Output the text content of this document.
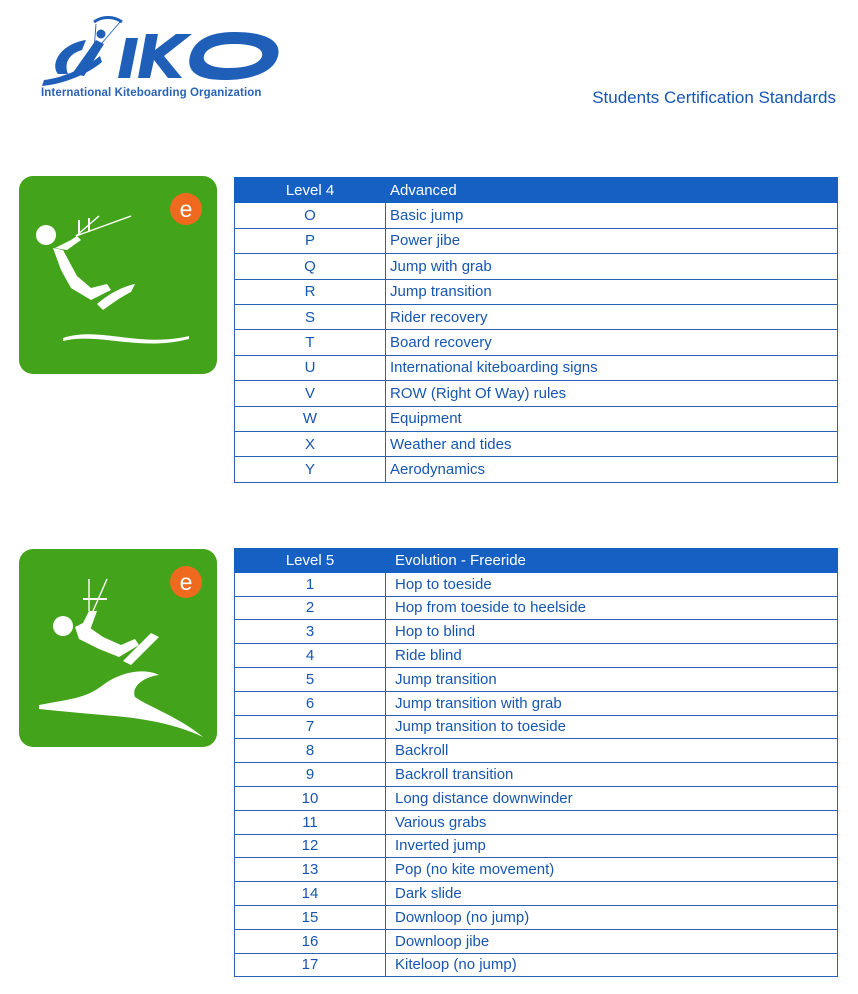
International Kiteboarding Organization	Students Certification Standards
e
Level 4	Advanced
O	Basic jump
P	Power jibe
Q	Jump with grab
R	Jump transition
S	Rider recovery
T	Board recovery
U	International kiteboarding signs
V	ROW (Right Of Way) rules
W	Equipment
X	Weather and tides
Y	Aerodynamics
e
Level 5	Evolution - Freeride
1	Hop to toeside
2	Hop from toeside to heelside
3	Hop to blind
4	Ride blind
5	Jump transition
6	Jump transition with grab
7	Jump transition to toeside
8	Backroll
9	Backroll transition
10	Long distance downwinder
11	Various grabs
12	Inverted jump
13	Pop (no kite movement)
14	Dark slide
15	Downloop (no jump)
16	Downloop jibe
17	Kiteloop (no jump)
